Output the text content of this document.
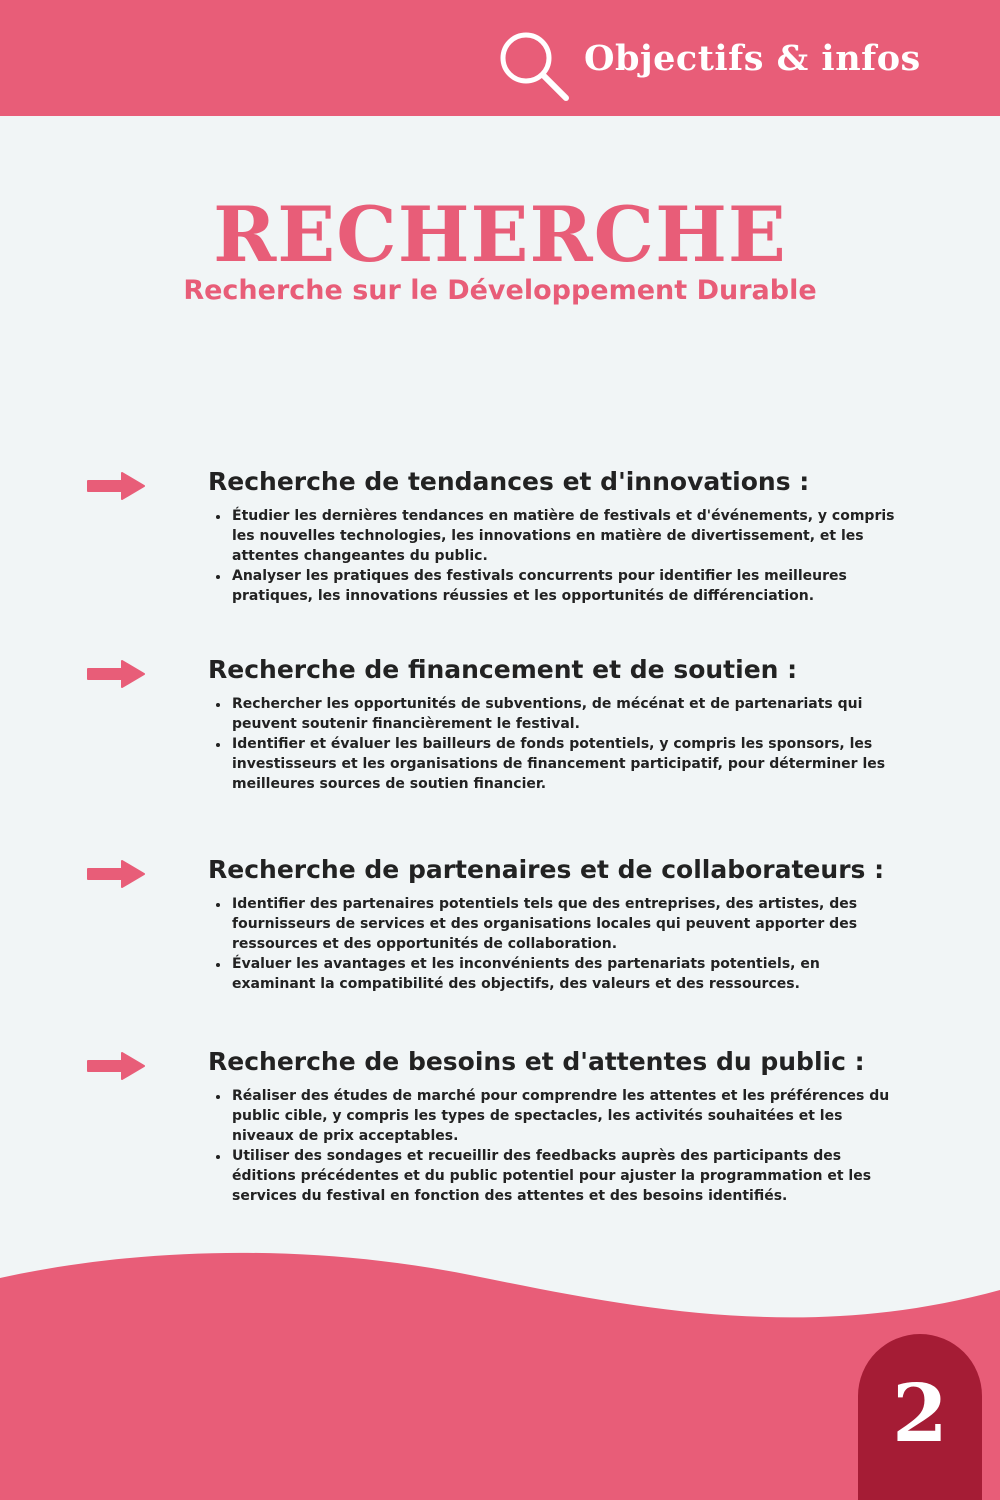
Objectifs & infos
RECHERCHE
Recherche sur le Développement Durable
Recherche de tendances et d'innovations :
Étudier les dernières tendances en matière de festivals et d'événements, y compris les nouvelles technologies, les innovations en matière de divertissement, et les attentes changeantes du public.
Analyser les pratiques des festivals concurrents pour identifier les meilleures pratiques, les innovations réussies et les opportunités de différenciation.
Recherche de financement et de soutien :
Rechercher les opportunités de subventions, de mécénat et de partenariats qui peuvent soutenir financièrement le festival.
Identifier et évaluer les bailleurs de fonds potentiels, y compris les sponsors, les investisseurs et les organisations de financement participatif, pour déterminer les meilleures sources de soutien financier.
Recherche de partenaires et de collaborateurs :
Identifier des partenaires potentiels tels que des entreprises, des artistes, des fournisseurs de services et des organisations locales qui peuvent apporter des ressources et des opportunités de collaboration.
Évaluer les avantages et les inconvénients des partenariats potentiels, en examinant la compatibilité des objectifs, des valeurs et des ressources.
Recherche de besoins et d'attentes du public :
Réaliser des études de marché pour comprendre les attentes et les préférences du public cible, y compris les types de spectacles, les activités souhaitées et les niveaux de prix acceptables.
Utiliser des sondages et recueillir des feedbacks auprès des participants des éditions précédentes et du public potentiel pour ajuster la programmation et les services du festival en fonction des attentes et des besoins identifiés.
2
